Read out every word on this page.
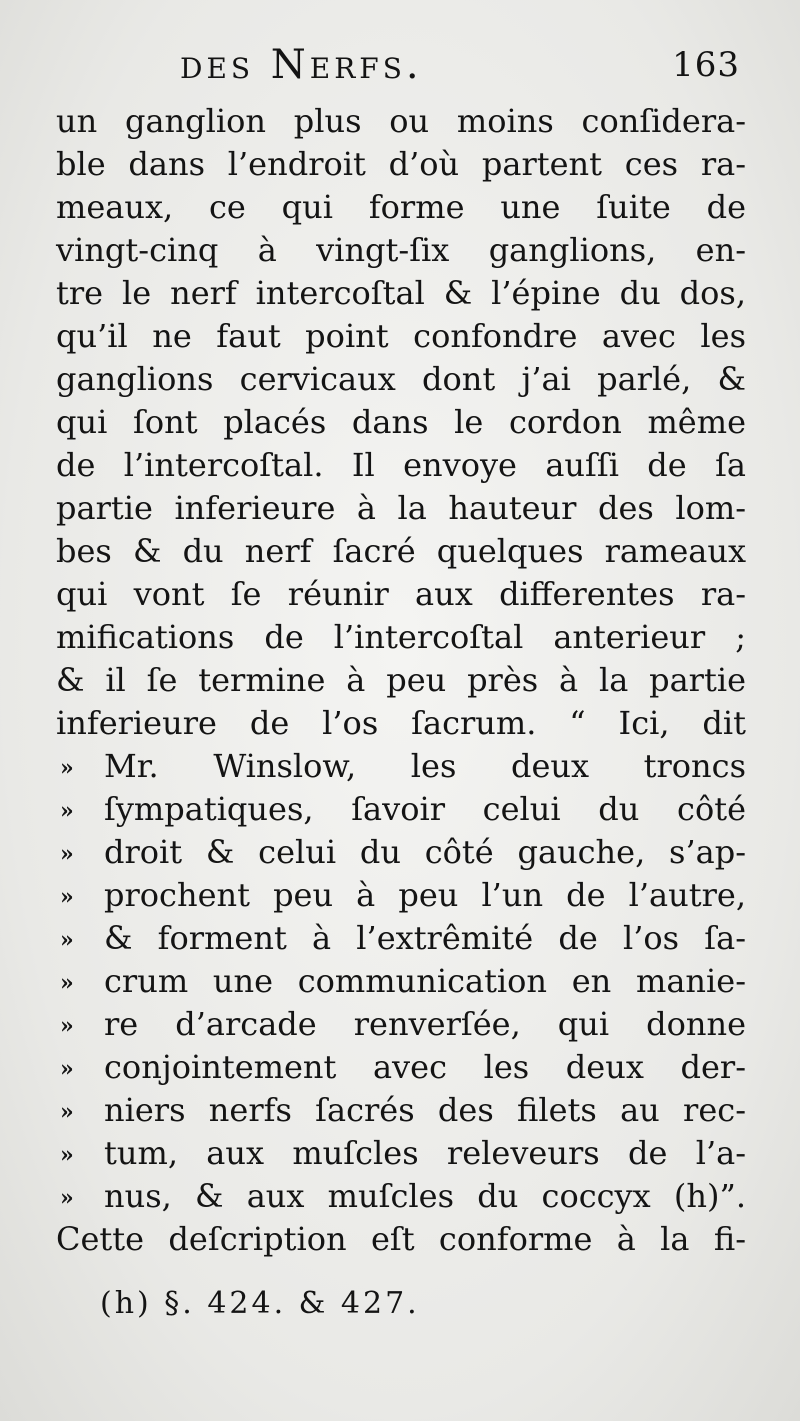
des Nerfs.	163
un ganglion plus ou moins conſidera-
ble dans l’endroit d’où partent ces ra-
meaux, ce qui forme une ſuite de
vingt-cinq à vingt-ſix ganglions, en-
tre le nerf intercoſtal & l’épine du dos,
qu’il ne faut point confondre avec les
ganglions cervicaux dont j’ai parlé, &
qui ſont placés dans le cordon même
de l’intercoſtal. Il envoye auſſi de ſa
partie inferieure à la hauteur des lom-
bes & du nerf ſacré quelques rameaux
qui vont ſe réunir aux differentes ra-
mifications de l’intercoſtal anterieur ;
& il ſe termine à peu près à la partie
inferieure de l’os ſacrum. “ Ici, dit
» Mr. Winslow, les deux troncs
» ſympatiques, ſavoir celui du côté
» droit & celui du côté gauche, s’ap-
» prochent peu à peu l’un de l’autre,
» & forment à l’extrêmité de l’os ſa-
» crum une communication en manie-
» re d’arcade renverſée, qui donne
» conjointement avec les deux der-
» niers nerfs ſacrés des filets au rec-
» tum, aux muſcles releveurs de l’a-
» nus, & aux muſcles du coccyx (h)”.
Cette deſcription eſt conforme à la fi-
(h) §. 424. & 427.
